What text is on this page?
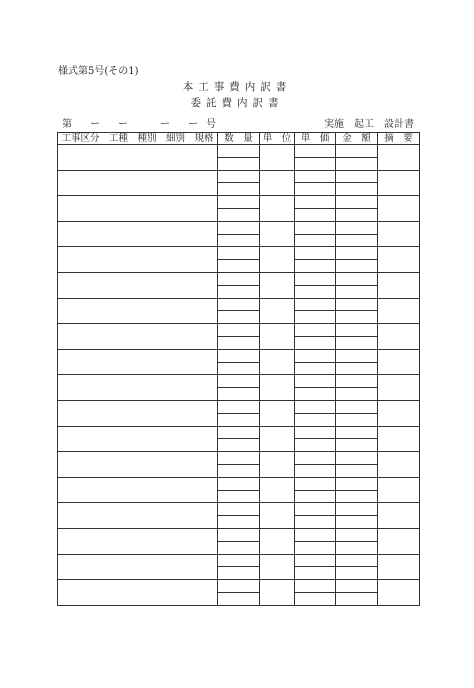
様式第5号(その1)
本工事費内訳書
委託費内訳書
第 ー　ー　　ー　ー 号	実施　起工　設計書
工事区分　工種　種別　細別　規格	数　量	単　位	単　価	金　額	摘　要
